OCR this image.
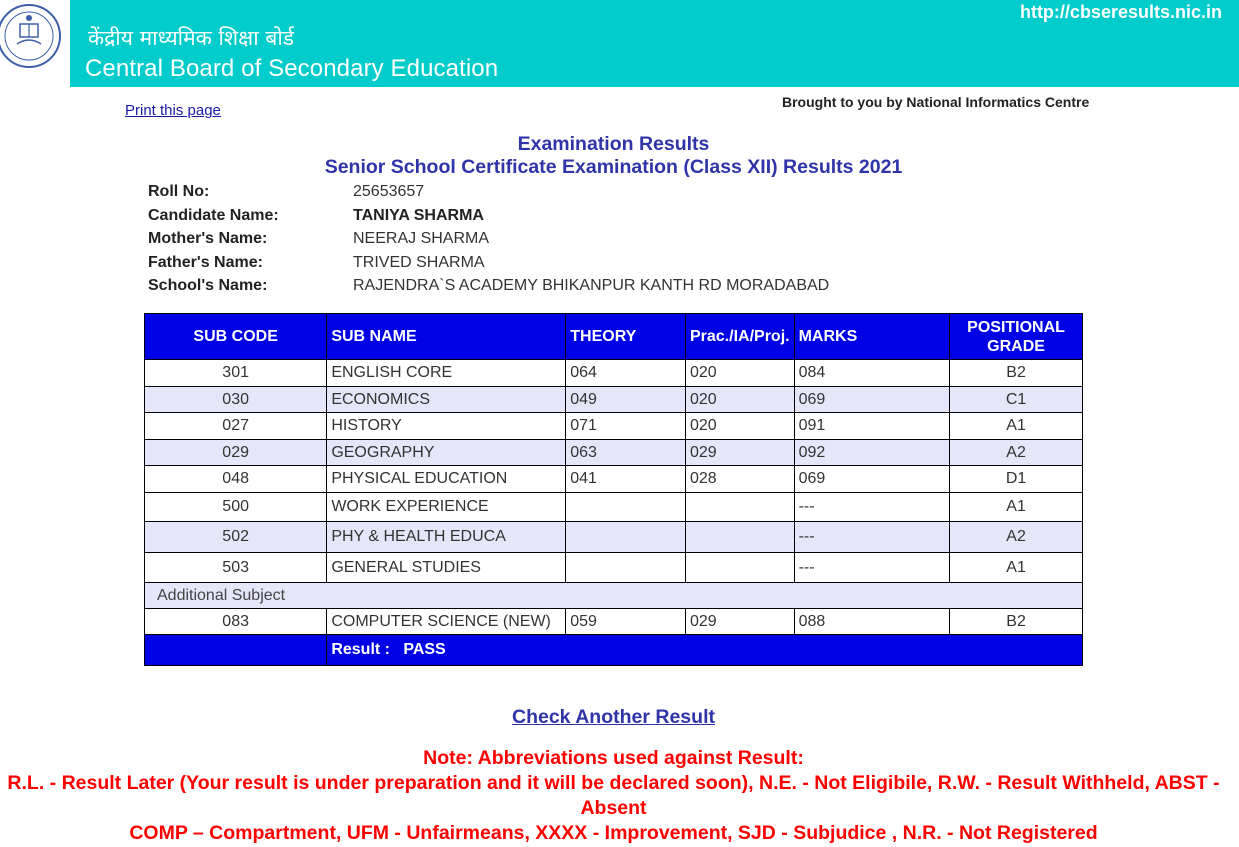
केंद्रीय माध्यमिक शिक्षा बोर्ड
Central Board of Secondary Education
http://cbseresults.nic.in
Print this page	Brought to you by National Informatics Centre
Examination Results
Senior School Certificate Examination (Class XII) Results 2021
Roll No:	25653657
Candidate Name:	TANIYA SHARMA
Mother's Name:	NEERAJ SHARMA
Father's Name:	TRIVED SHARMA
School's Name:	RAJENDRA`S ACADEMY BHIKANPUR KANTH RD MORADABAD
SUB CODE	SUB NAME	THEORY	Prac./IA/Proj.	MARKS	POSITIONAL GRADE
301	ENGLISH CORE	064	020	084	B2
030	ECONOMICS	049	020	069	C1
027	HISTORY	071	020	091	A1
029	GEOGRAPHY	063	029	092	A2
048	PHYSICAL EDUCATION	041	028	069	D1
500	WORK EXPERIENCE			---	A1
502	PHY & HEALTH EDUCA			---	A2
503	GENERAL STUDIES			---	A1
Additional Subject					
083	COMPUTER SCIENCE (NEW)	059	029	088	B2
	Result : PASS				
Check Another Result
Note: Abbreviations used against Result:
R.L. - Result Later (Your result is under preparation and it will be declared soon), N.E. - Not Eligibile, R.W. - Result Withheld, ABST -
Absent
COMP – Compartment, UFM - Unfairmeans, XXXX - Improvement, SJD - Subjudice , N.R. - Not Registered
